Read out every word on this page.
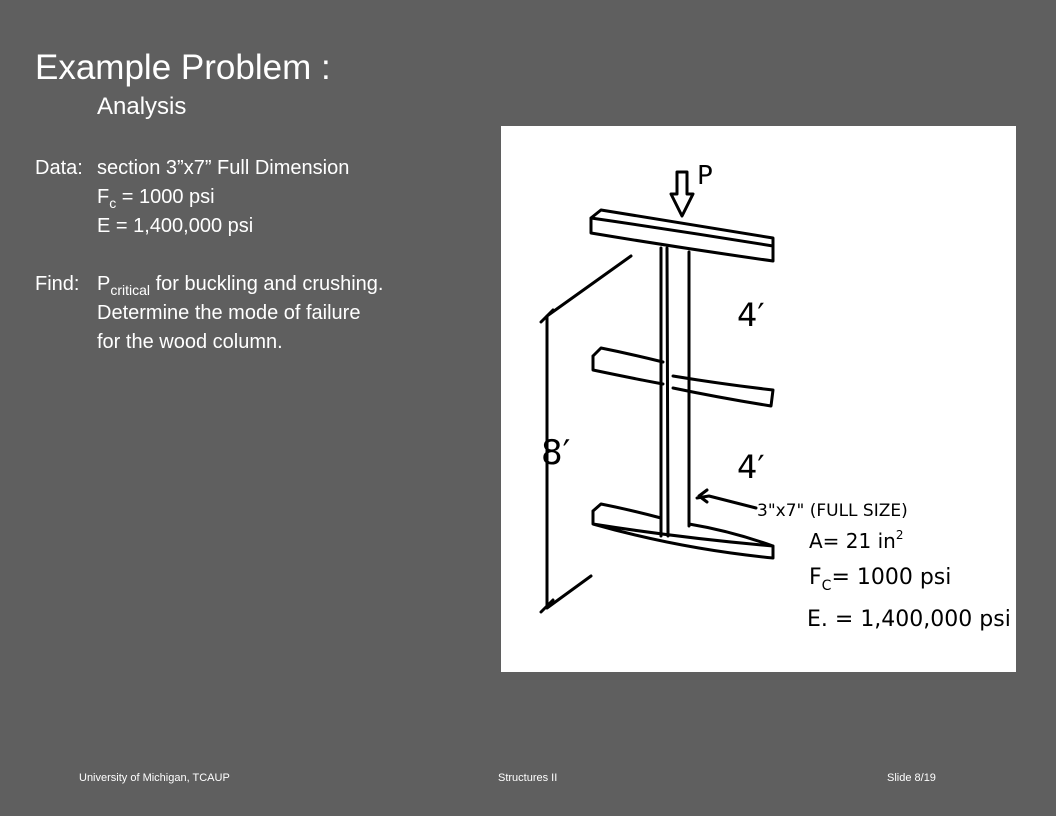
Example Problem :
Analysis
Data: section 3”x7” Full Dimension
$F_c = 1000$ psi
E = 1,400,000 psi
Find: $P_{critical}$ for buckling and crushing.
Determine the mode of failure
for the wood column.
P
4′
4′
8′
3"x7" (FULL SIZE)
A= 21 $in^2$
$F_C= 1000$ psi
E. = 1,400,000 psi
University of Michigan, TCAUP	Structures II	Slide 8/19
